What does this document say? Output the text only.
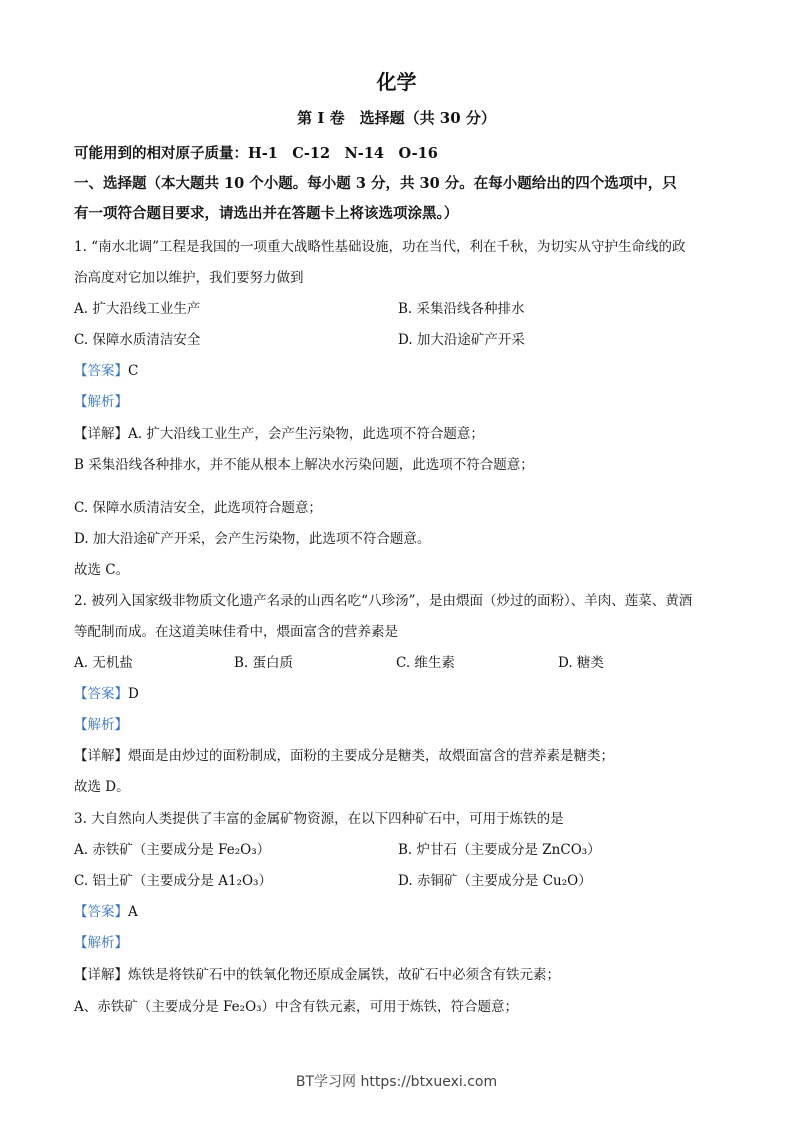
化学
第 I 卷　选择题（共 30 分）
可能用到的相对原子质量：H-1　C-12　N-14　O-16
一、选择题（本大题共 10 个小题。每小题 3 分，共 30 分。在每小题给出的四个选项中，只
有一项符合题目要求，请选出并在答题卡上将该选项涂黑。）
1. “南水北调”工程是我国的一项重大战略性基础设施，功在当代，利在千秋，为切实从守护生命线的政
治高度对它加以维护，我们要努力做到
A. 扩大沿线工业生产	B. 采集沿线各种排水
C. 保障水质清洁安全	D. 加大沿途矿产开采
【答案】C
【解析】
【详解】A. 扩大沿线工业生产，会产生污染物，此选项不符合题意；
B 采集沿线各种排水，并不能从根本上解决水污染问题，此选项不符合题意；
C. 保障水质清洁安全，此选项符合题意；
D. 加大沿途矿产开采，会产生污染物，此选项不符合题意。
故选 C。
2. 被列入国家级非物质文化遗产名录的山西名吃“八珍汤”，是由煨面（炒过的面粉）、羊肉、莲菜、黄酒
等配制而成。在这道美味佳肴中，煨面富含的营养素是
A. 无机盐	B. 蛋白质	C. 维生素	D. 糖类
【答案】D
【解析】
【详解】煨面是由炒过的面粉制成，面粉的主要成分是糖类，故煨面富含的营养素是糖类；
故选 D。
3. 大自然向人类提供了丰富的金属矿物资源，在以下四种矿石中，可用于炼铁的是
A. 赤铁矿（主要成分是 Fe₂O₃）	B. 炉甘石（主要成分是 ZnCO₃）
C. 铝土矿（主要成分是 A1₂O₃）	D. 赤铜矿（主要成分是 Cu₂O）
【答案】A
【解析】
【详解】炼铁是将铁矿石中的铁氧化物还原成金属铁，故矿石中必须含有铁元素；
A、赤铁矿（主要成分是 Fe₂O₃）中含有铁元素，可用于炼铁，符合题意；
BT学习网 https://btxuexi.com
